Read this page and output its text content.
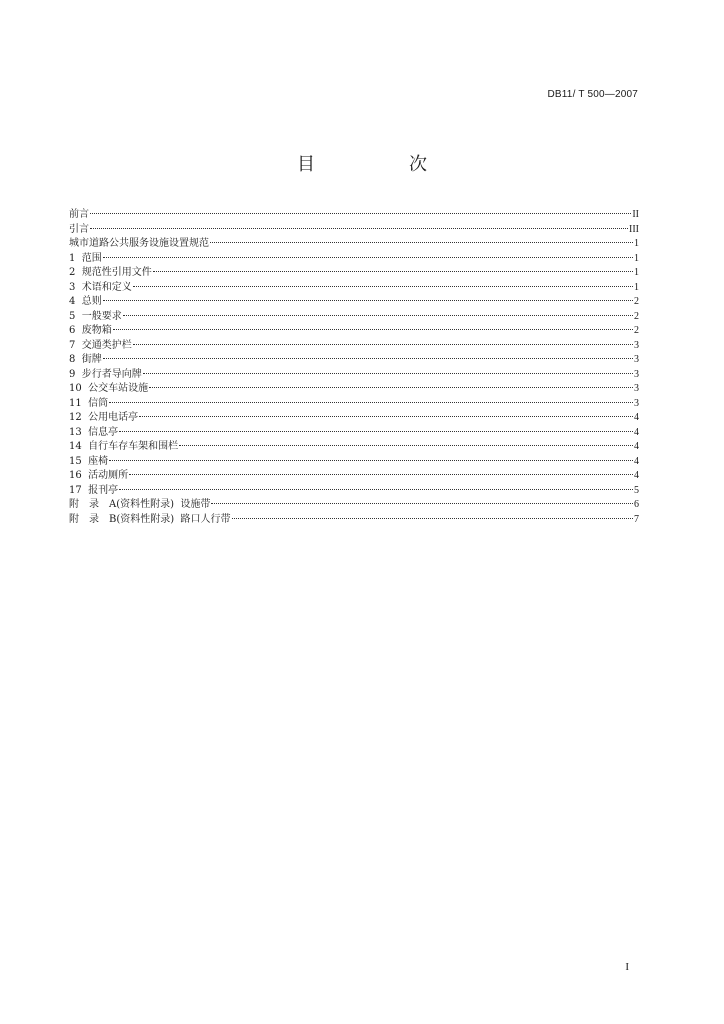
DB11/ T 500—2007
目　次
前言	II
引言	III
城市道路公共服务设施设置规范	1
1  范围	1
2  规范性引用文件	1
3  术语和定义	1
4  总则	2
5  一般要求	2
6  废物箱	2
7  交通类护栏	3
8  街牌	3
9  步行者导向牌	3
10  公交车站设施	3
11  信筒	3
12  公用电话亭	4
13  信息亭	4
14  自行车存车架和围栏	4
15  座椅	4
16  活动厕所	4
17  报刊亭	5
附　录　A(资料性附录)  设施带	6
附　录　B(资料性附录)  路口人行带	7
I
